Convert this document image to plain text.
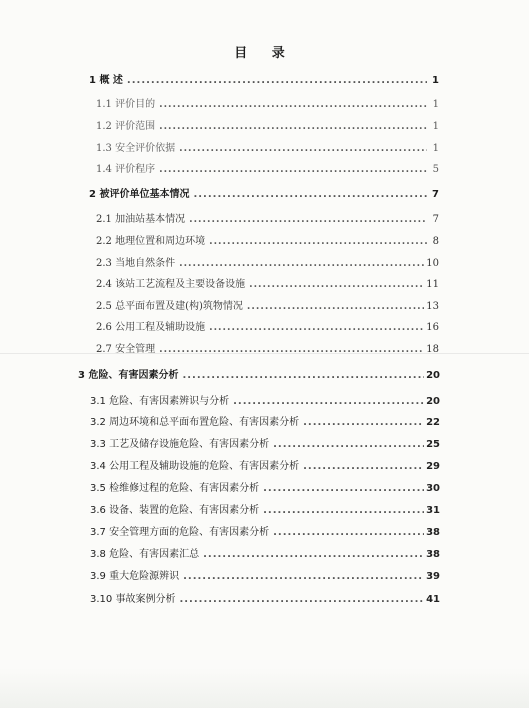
目 录
1 概 述 .....	1
1.1 评价目的 .....	1
1.2 评价范围 .....	1
1.3 安全评价依据 .....	1
1.4 评价程序 .....	5
2 被评价单位基本情况 .....	7
2.1 加油站基本情况 .....	7
2.2 地理位置和周边环境 .....	8
2.3 当地自然条件 .....	10
2.4 该站工艺流程及主要设备设施 .....	11
2.5 总平面布置及建(构)筑物情况 .....	13
2.6 公用工程及辅助设施 .....	16
2.7 安全管理 .....	18
3 危险、有害因素分析 .....	20
3.1 危险、有害因素辨识与分析 .....	20
3.2 周边环境和总平面布置危险、有害因素分析 .....	22
3.3 工艺及储存设施危险、有害因素分析 .....	25
3.4 公用工程及辅助设施的危险、有害因素分析 .....	29
3.5 检维修过程的危险、有害因素分析 .....	30
3.6 设备、装置的危险、有害因素分析 .....	31
3.7 安全管理方面的危险、有害因素分析 .....	38
3.8 危险、有害因素汇总 .....	38
3.9 重大危险源辨识 .....	39
3.10 事故案例分析 .....	41
